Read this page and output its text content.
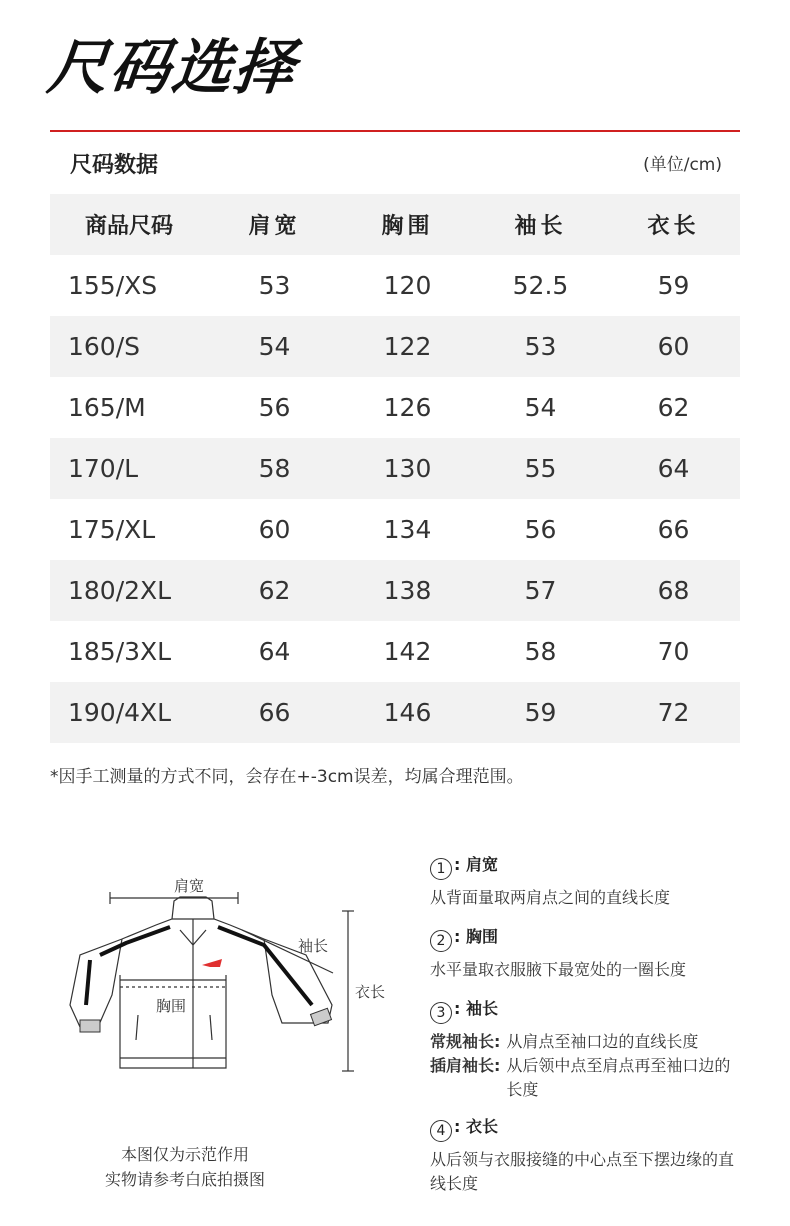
尺码选择
尺码数据	(单位/cm)
商品尺码	肩宽	胸围	袖长	衣长
155/XS	53	120	52.5	59
160/S	54	122	53	60
165/M	56	126	54	62
170/L	58	130	55	64
175/XL	60	134	56	66
180/2XL	62	138	57	68
185/3XL	64	142	58	70
190/4XL	66	146	59	72
*因手工测量的方式不同，会存在+-3cm误差，均属合理范围。
肩宽
袖长
衣长
胸围
本图仅为示范作用
实物请参考白底拍摄图
1 : 肩宽
从背面量取两肩点之间的直线长度
2 : 胸围
水平量取衣服腋下最宽处的一圈长度
3 : 袖长
常规袖长: 从肩点至袖口边的直线长度
插肩袖长: 从后领中点至肩点再至袖口边的长度
4 : 衣长
从后领与衣服接缝的中心点至下摆边缘的直线长度
